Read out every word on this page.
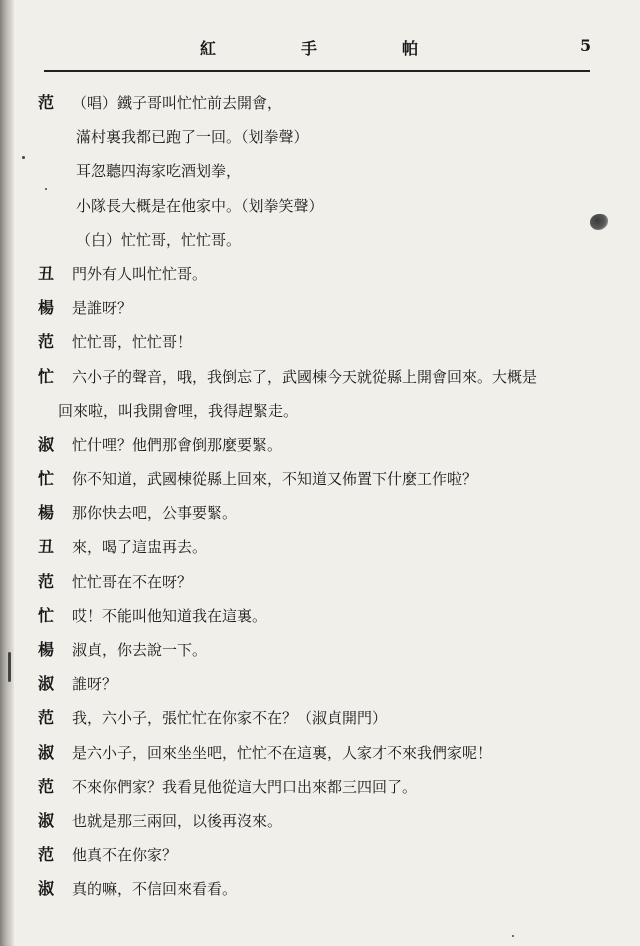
紅	手	帕	5
范 （唱）鐵子哥叫忙忙前去開會，
滿村裏我都已跑了一回。（划拳聲）
耳忽聽四海家吃酒划拳，
小隊長大概是在他家中。（划拳笑聲）
（白）忙忙哥，忙忙哥。
丑 門外有人叫忙忙哥。
楊 是誰呀？
范 忙忙哥，忙忙哥！
忙 六小子的聲音，哦，我倒忘了，武國棟今天就從縣上開會回來。大概是
回來啦，叫我開會哩，我得趕緊走。
淑 忙什哩？他們那會倒那麼要緊。
忙 你不知道，武國棟從縣上回來，不知道又佈置下什麼工作啦？
楊 那你快去吧，公事要緊。
丑 來，喝了這盅再去。
范 忙忙哥在不在呀？
忙 哎！不能叫他知道我在這裏。
楊 淑貞，你去說一下。
淑 誰呀？
范 我，六小子，張忙忙在你家不在？（淑貞開門）
淑 是六小子，回來坐坐吧，忙忙不在這裏，人家才不來我們家呢！
范 不來你們家？我看見他從這大門口出來都三四回了。
淑 也就是那三兩回，以後再沒來。
范 他真不在你家？
淑 真的嘛，不信回來看看。
